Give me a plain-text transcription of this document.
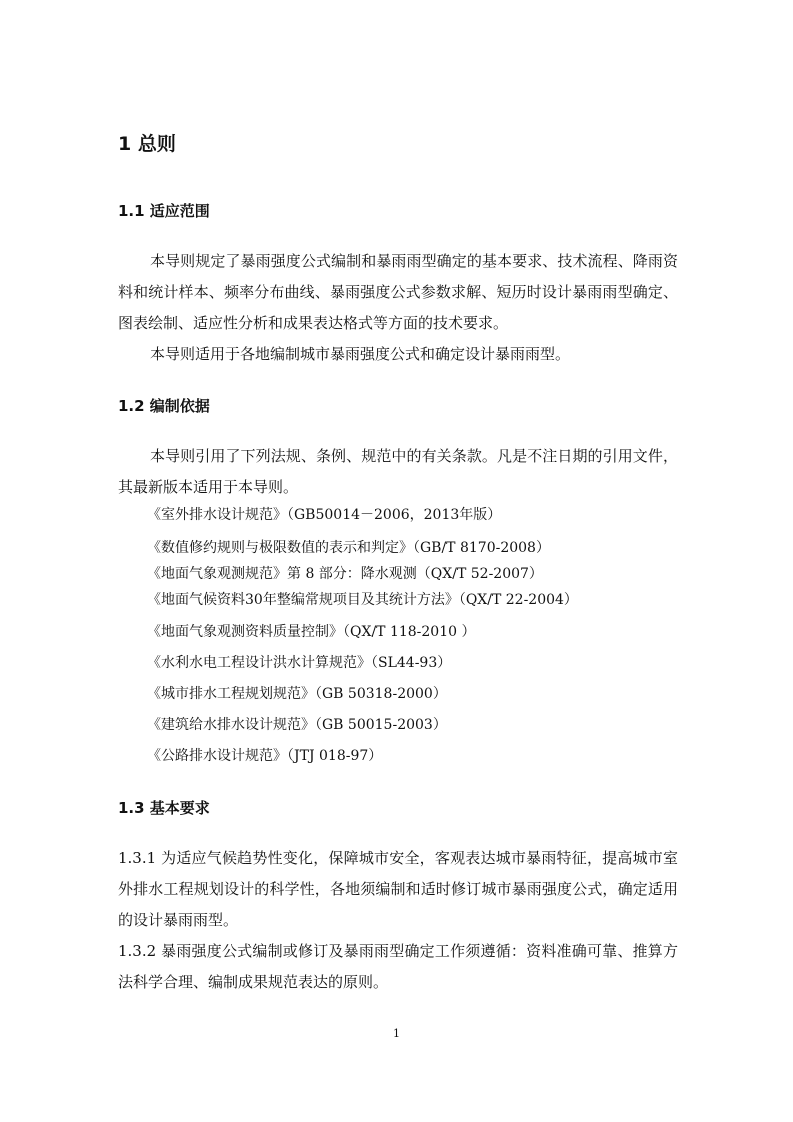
1 总则
1.1 适应范围

本导则规定了暴雨强度公式编制和暴雨雨型确定的基本要求、技术流程、降雨资料和统计样本、频率分布曲线、暴雨强度公式参数求解、短历时设计暴雨雨型确定、图表绘制、适应性分析和成果表达格式等方面的技术要求。

本导则适用于各地编制城市暴雨强度公式和确定设计暴雨雨型。

1.2 编制依据

本导则引用了下列法规、条例、规范中的有关条款。凡是不注日期的引用文件，其最新版本适用于本导则。

《室外排水设计规范》（GB50014－2006，2013年版）
《数值修约规则与极限数值的表示和判定》（GB/T 8170-2008）
《地面气象观测规范》第 8 部分：降水观测（QX/T 52-2007）
《地面气候资料30年整编常规项目及其统计方法》（QX/T 22-2004）
《地面气象观测资料质量控制》（QX/T 118-2010 ）
《水利水电工程设计洪水计算规范》（SL44-93）
《城市排水工程规划规范》（GB 50318-2000）
《建筑给水排水设计规范》（GB 50015-2003）
《公路排水设计规范》（JTJ 018-97）
1.3 基本要求

1.3.1 为适应气候趋势性变化，保障城市安全，客观表达城市暴雨特征，提高城市室外排水工程规划设计的科学性，各地须编制和适时修订城市暴雨强度公式，确定适用的设计暴雨雨型。

1.3.2 暴雨强度公式编制或修订及暴雨雨型确定工作须遵循：资料准确可靠、推算方法科学合理、编制成果规范表达的原则。

1
